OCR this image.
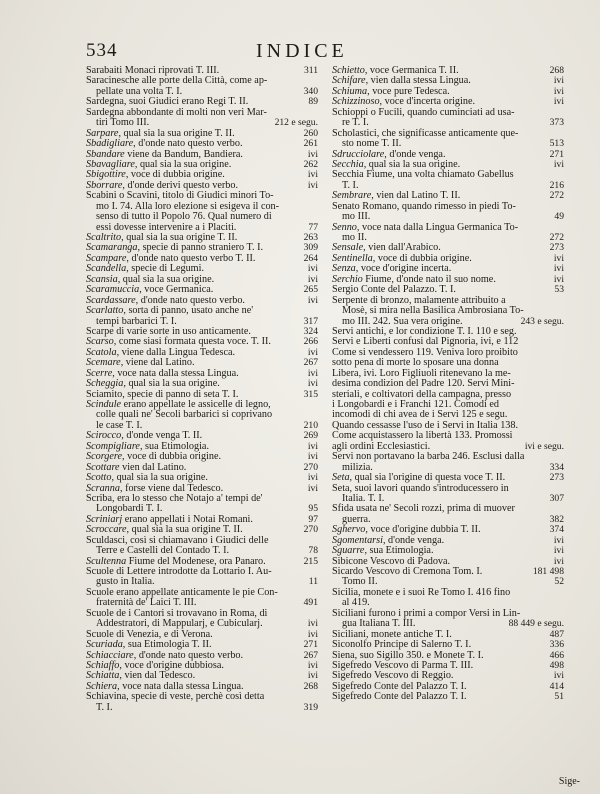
534	INDICE
Sarabaiti Monaci riprovati T. III.	311
Saracinesche alle porte della Città, come ap-
pellate una volta T. I.	340
Sardegna, suoi Giudici erano Regi T. II.	89
Sardegna abbondante di molti non veri Mar-
tiri Tomo III.	212 e segu.
Sarpare, qual sia la sua origine T. II.	260
Sbadigliare, d'onde nato questo verbo.	261
Sbandare viene da Bandum, Bandiera.	ivi
Sbavagliare, qual sia la sua origine.	262
Sbigottire, voce di dubbia origine.	ivi
Sborrare, d'onde derivi questo verbo.	ivi
Scabini o Scavini, titolo di Giudici minori To-
mo I. 74. Alla loro elezione si esigeva il con-
senso di tutto il Popolo 76. Qual numero di
essi dovesse intervenire a i Placiti.	77
Scaltrito, qual sia la sua origine T. II.	263
Scamaranga, specie di panno straniero T. I.	309
Scampare, d'onde nato questo verbo T. II.	264
Scandella, specie di Legumi.	ivi
Scansia, qual sia la sua origine.	ivi
Scaramuccia, voce Germanica.	265
Scardassare, d'onde nato questo verbo.	ivi
Scarlatto, sorta di panno, usato anche ne'
tempi barbarici T. I.	317
Scarpe di varie sorte in uso anticamente.	324
Scarso, come siasi formata questa voce. T. II.	266
Scatola, viene dalla Lingua Tedesca.	ivi
Scemare, viene dal Latino.	267
Scerre, voce nata dalla stessa Lingua.	ivi
Scheggia, qual sia la sua origine.	ivi
Sciamito, specie di panno di seta T. I.	315
Scindule erano appellate le assicelle di legno,
colle quali ne' Secoli barbarici si coprivano
le case T. I.	210
Scirocco, d'onde venga T. II.	269
Scompigliare, sua Etimologia.	ivi
Scorgere, voce di dubbia origine.	ivi
Scottare vien dal Latino.	270
Scotto, qual sia la sua origine.	ivi
Scranna, forse viene dal Tedesco.	ivi
Scriba, era lo stesso che Notajo a' tempi de'
Longobardi T. I.	95
Scriniarj erano appellati i Notai Romani.	97
Scroccare, qual sia la sua origine T. II.	270
Sculdasci, così si chiamavano i Giudici delle
Terre e Castelli del Contado T. I.	78
Scultenna Fiume del Modenese, ora Panaro.	215
Scuole di Lettere introdotte da Lottario I. Au-
gusto in Italia.	11
Scuole erano appellate anticamente le pie Con-
fraternità de' Laici T. III.	491
Scuole de i Cantori si trovavano in Roma, di
Addestratori, di Mappularj, e Cubicularj.	ivi
Scuole di Venezia, e di Verona.	ivi
Scuriada, sua Etimologia T. II.	271
Schiacciare, d'onde nato questo verbo.	267
Schiaffo, voce d'origine dubbiosa.	ivi
Schiatta, vien dal Tedesco.	ivi
Schiera, voce nata dalla stessa Lingua.	268
Schiavina, specie di veste, perchè così detta
T. I.	319
Schietto, voce Germanica T. II.	268
Schifare, vien dalla stessa Lingua.	ivi
Schiuma, voce pure Tedesca.	ivi
Schizzinoso, voce d'incerta origine.	ivi
Schioppi o Fucili, quando cuminciati ad usa-
re T. I.	373
Scholastici, che significasse anticamente que-
sto nome T. II.	513
Sdrucciolare, d'onde venga.	271
Secchia, qual sia la sua origine.	ivi
Secchia Fiume, una volta chiamato Gabellus
T. I.	216
Sembrare, vien dal Latino T. II.	272
Senato Romano, quando rimesso in piedi To-
mo III.	49
Senno, voce nata dalla Lingua Germanica To-
mo II.	272
Sensale, vien dall'Arabico.	273
Sentinella, voce di dubbia origine.	ivi
Senza, voce d'origine incerta.	ivi
Serchio Fiume, d'onde nato il suo nome.	ivi
Sergio Conte del Palazzo. T. I.	53
Serpente di bronzo, malamente attribuito a
Mosè, si mira nella Basilica Ambrosiana To-
mo III. 242. Sua vera origine.	243 e segu.
Servi antichi, e lor condizione T. I. 110 e seg.
Servi e Liberti confusi dal Pignoria, ivi, e 112
Come si vendessero 119. Veniva loro proibito
sotto pena di morte lo sposare una donna
Libera, ivi. Loro Figliuoli ritenevano la me-
desima condizion del Padre 120. Servi Mini-
steriali, e coltivatori della campagna, presso
i Longobardi e i Franchi 121. Comodi ed
incomodi di chi avea de i Servi 125 e segu.
Quando cessasse l'uso de i Servi in Italia 138.
Come acquistassero la libertà 133. Promossi
agli ordini Ecclesiastici.	ivi e segu.
Servi non portavano la barba 246. Esclusi dalla
milizia.	334
Seta, qual sia l'origine di questa voce T. II.	273
Seta, suoi lavori quando s'introducessero in
Italia. T. I.	307
Sfida usata ne' Secoli rozzi, prima di muover
guerra.	382
Sghervo, voce d'origine dubbia T. II.	374
Sgomentarsi, d'onde venga.	ivi
Sguarre, sua Etimologia.	ivi
Sibicone Vescovo di Padova.	ivi
Sicardo Vescovo di Cremona Tom. I.	181 498
Tomo II.	52
Sicilia, monete e i suoi Re Tomo I. 416 fino
al 419.
Siciliani furono i primi a compor Versi in Lin-
gua Italiana T. III.	88 449 e segu.
Siciliani, monete antiche T. I.	487
Siconolfo Principe di Salerno T. I.	336
Siena, suo Sigillo 350. e Monete T. I.	466
Sigefredo Vescovo di Parma T. III.	498
Sigefredo Vescovo di Reggio.	ivi
Sigefredo Conte del Palazzo T. I.	414
Sigefredo Conte del Palazzo T. I.	51
Sige-
